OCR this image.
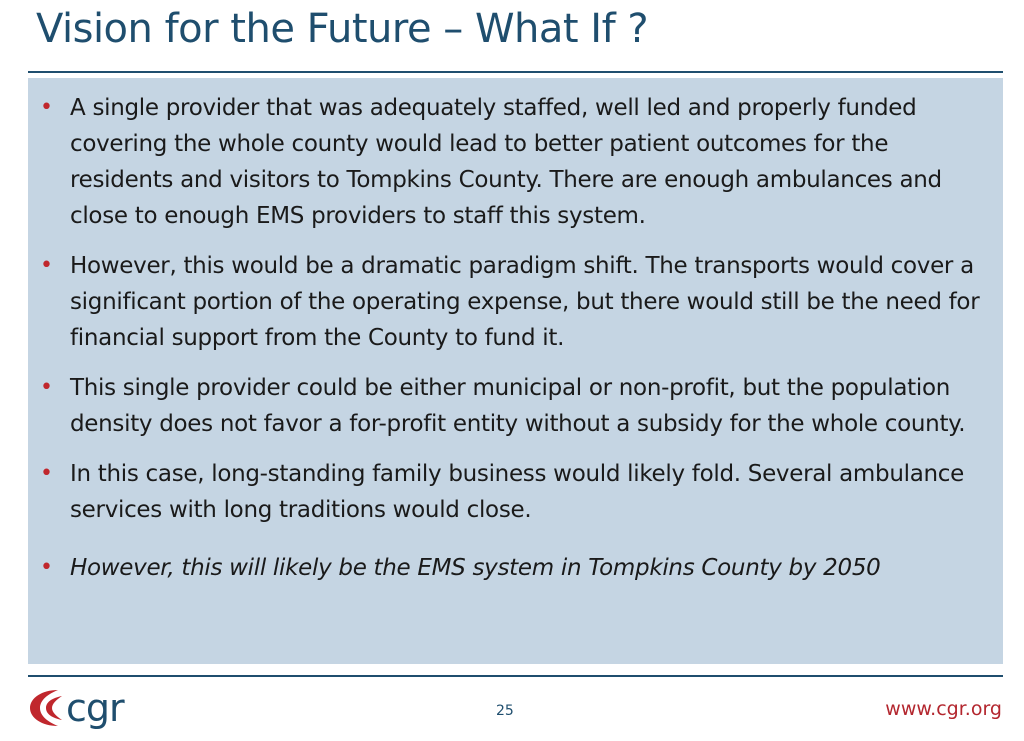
Vision for the Future – What If ?
• A single provider that was adequately staffed, well led and properly funded covering the whole county would lead to better patient outcomes for the residents and visitors to Tompkins County. There are enough ambulances and close to enough EMS providers to staff this system.
• However, this would be a dramatic paradigm shift. The transports would cover a significant portion of the operating expense, but there would still be the need for financial support from the County to fund it.
• This single provider could be either municipal or non-profit, but the population density does not favor a for-profit entity without a subsidy for the whole county.
• In this case, long-standing family business would likely fold. Several ambulance services with long traditions would close.
• However, this will likely be the EMS system in Tompkins County by 2050
cgr	25	www.cgr.org
